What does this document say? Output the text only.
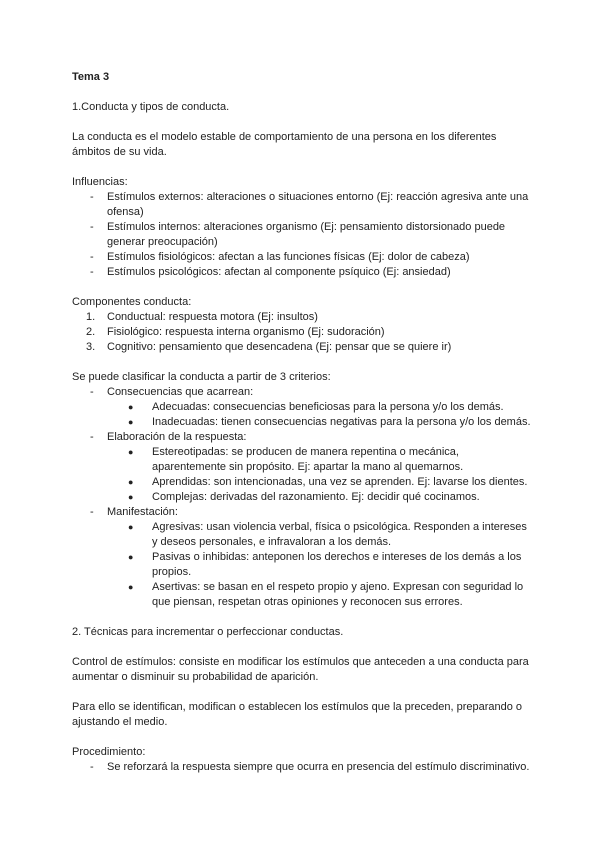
Tema 3

1.Conducta y tipos de conducta.

La conducta es el modelo estable de comportamiento de una persona en los diferentes ámbitos de su vida.

Influencias:

- Estímulos externos: alteraciones o situaciones entorno (Ej: reacción agresiva ante una ofensa)
- Estímulos internos: alteraciones organismo (Ej: pensamiento distorsionado puede generar preocupación)
- Estímulos fisiológicos: afectan a las funciones físicas (Ej: dolor de cabeza)
- Estímulos psicológicos: afectan al componente psíquico (Ej: ansiedad)

Componentes conducta:

1. Conductual: respuesta motora (Ej: insultos)
2. Fisiológico: respuesta interna organismo (Ej: sudoración)
3. Cognitivo: pensamiento que desencadena (Ej: pensar que se quiere ir)

Se puede clasificar la conducta a partir de 3 criterios:

- Consecuencias que acarrean:
● Adecuadas: consecuencias beneficiosas para la persona y/o los demás.
● Inadecuadas: tienen consecuencias negativas para la persona y/o los demás.
- Elaboración de la respuesta:
● Estereotipadas: se producen de manera repentina o mecánica, aparentemente sin propósito. Ej: apartar la mano al quemarnos.
● Aprendidas: son intencionadas, una vez se aprenden. Ej: lavarse los dientes.
● Complejas: derivadas del razonamiento. Ej: decidir qué cocinamos.
- Manifestación:
● Agresivas: usan violencia verbal, física o psicológica. Responden a intereses y deseos personales, e infravaloran a los demás.
● Pasivas o inhibidas: anteponen los derechos e intereses de los demás a los propios.
● Asertivas: se basan en el respeto propio y ajeno. Expresan con seguridad lo que piensan, respetan otras opiniones y reconocen sus errores.

2. Técnicas para incrementar o perfeccionar conductas.

Control de estímulos: consiste en modificar los estímulos que anteceden a una conducta para aumentar o disminuir su probabilidad de aparición.

Para ello se identifican, modifican o establecen los estímulos que la preceden, preparando o ajustando el medio.

Procedimiento:

- Se reforzará la respuesta siempre que ocurra en presencia del estímulo discriminativo.
